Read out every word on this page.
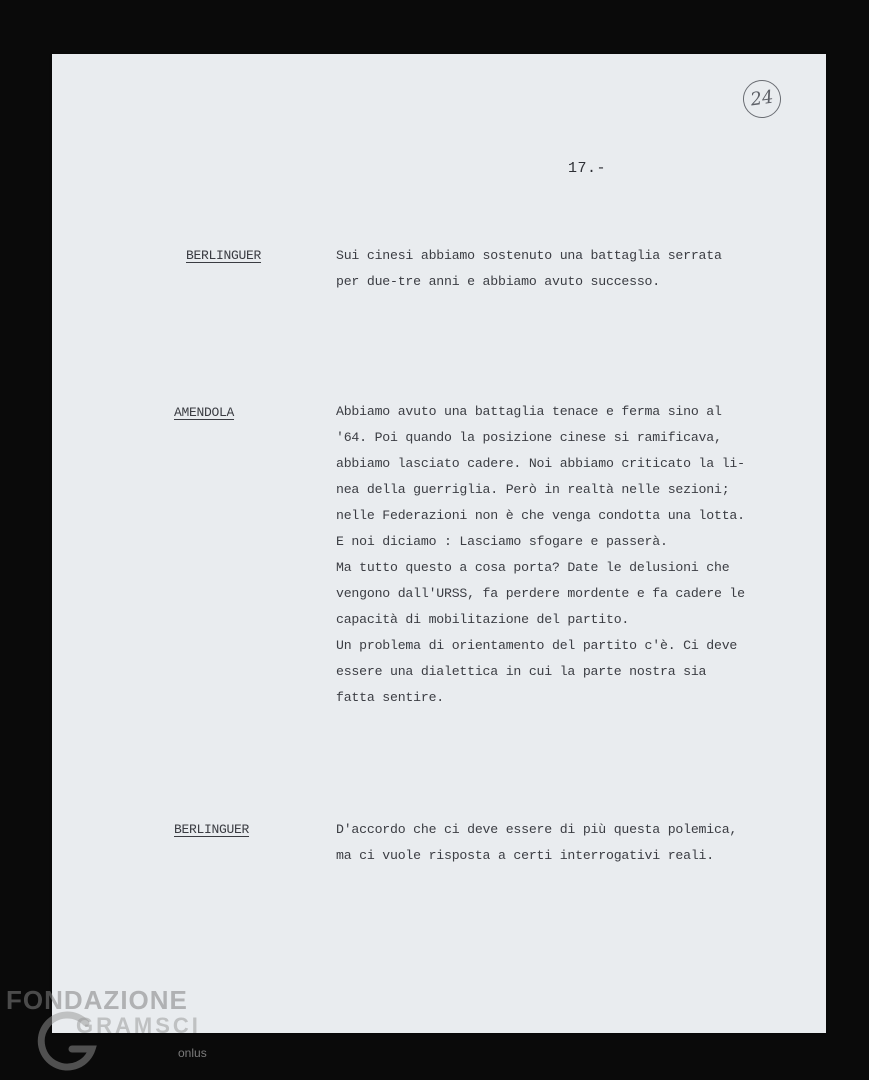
24
17.-
BERLINGUER	Sui cinesi abbiamo sostenuto una battaglia serrata
per due-tre anni e abbiamo avuto successo.
AMENDOLA	Abbiamo avuto una battaglia tenace e ferma sino al
'64. Poi quando la posizione cinese si ramificava,
abbiamo lasciato cadere. Noi abbiamo criticato la li-
nea della guerriglia. Però in realtà nelle sezioni;
nelle Federazioni non è che venga condotta una lotta.
E noi diciamo : Lasciamo sfogare e passerà.
Ma tutto questo a cosa porta? Date le delusioni che
vengono dall'URSS, fa perdere mordente e fa cadere le
capacità di mobilitazione del partito.
Un problema di orientamento del partito c'è. Ci deve
essere una dialettica in cui la parte nostra sia
fatta sentire.
BERLINGUER	D'accordo che ci deve essere di più questa polemica,
ma ci vuole risposta a certi interrogativi reali.
FONDAZIONE
GRAMSCI
onlus
